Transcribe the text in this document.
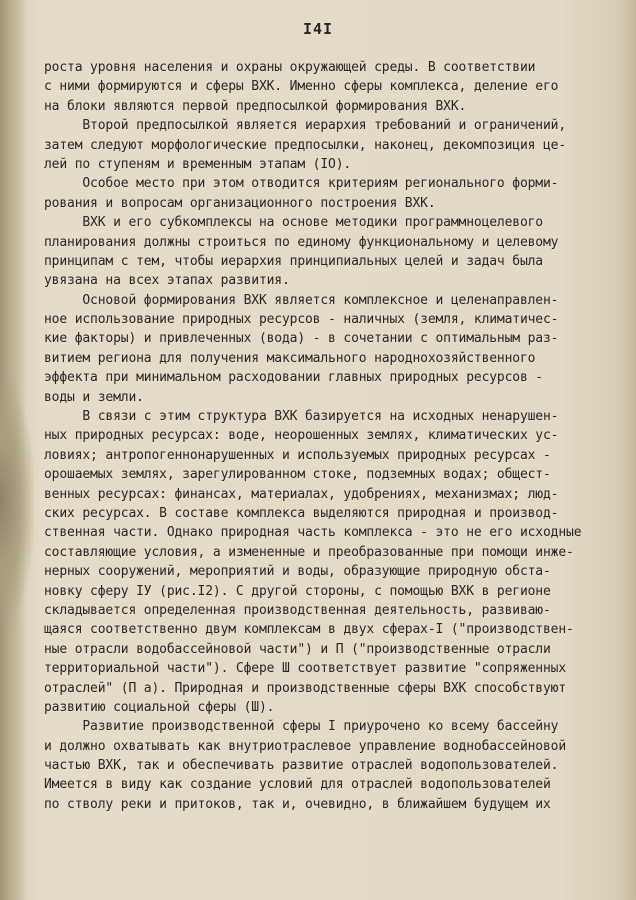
I4I
роста уровня населения и охраны окружающей среды. В соответствии
с ними формируются и сферы ВХК. Именно сферы комплекса, деление его
на блоки являются первой предпосылкой формирования ВХК.
Второй предпосылкой является иерархия требований и ограничений,
затем следуют морфологические предпосылки, наконец, декомпозиция це-
лей по ступеням и временным этапам (IO).
Особое место при этом отводится критериям регионального форми-
рования и вопросам организационного построения ВХК.
ВХК и его субкомплексы на основе методики программноцелевого
планирования должны строиться по единому функциональному и целевому
принципам с тем, чтобы иерархия принципиальных целей и задач была
увязана на всех этапах развития.
Основой формирования ВХК является комплексное и целенаправлен-
ное использование природных ресурсов - наличных (земля, климатичес-
кие факторы) и привлеченных (вода) - в сочетании с оптимальным раз-
витием региона для получения максимального народнохозяйственного
эффекта при минимальном расходовании главных природных ресурсов -
воды и земли.
В связи с этим структура ВХК базируется на исходных ненарушен-
ных природных ресурсах: воде, неорошенных землях, климатических ус-
ловиях; антропогеннонарушенных и используемых природных ресурсах -
орошаемых землях, зарегулированном стоке, подземных водах; общест-
венных ресурсах: финансах, материалах, удобрениях, механизмах; люд-
ских ресурсах. В составе комплекса выделяются природная и производ-
ственная части. Однако природная часть комплекса - это не его исходные
составляющие условия, а измененные и преобразованные при помощи инже-
нерных сооружений, мероприятий и воды, образующие природную обста-
новку сферу IУ (рис.I2). С другой стороны, с помощью ВХК в регионе
складывается определенная производственная деятельность, развиваю-
щаяся соответственно двум комплексам в двух сферах-I ("производствен-
ные отрасли водобассейновой части") и П ("производственные отрасли
территориальной части"). Сфере Ш соответствует развитие "сопряженных
отраслей" (П а). Природная и производственные сферы ВХК способствуют
развитию социальной сферы (Ш).
Развитие производственной сферы I приурочено ко всему бассейну
и должно охватывать как внутриотраслевое управление воднобассейновой
частью ВХК, так и обеспечивать развитие отраслей водопользователей.
Имеется в виду как создание условий для отраслей водопользователей
по стволу реки и притоков, так и, очевидно, в ближайшем будущем их
